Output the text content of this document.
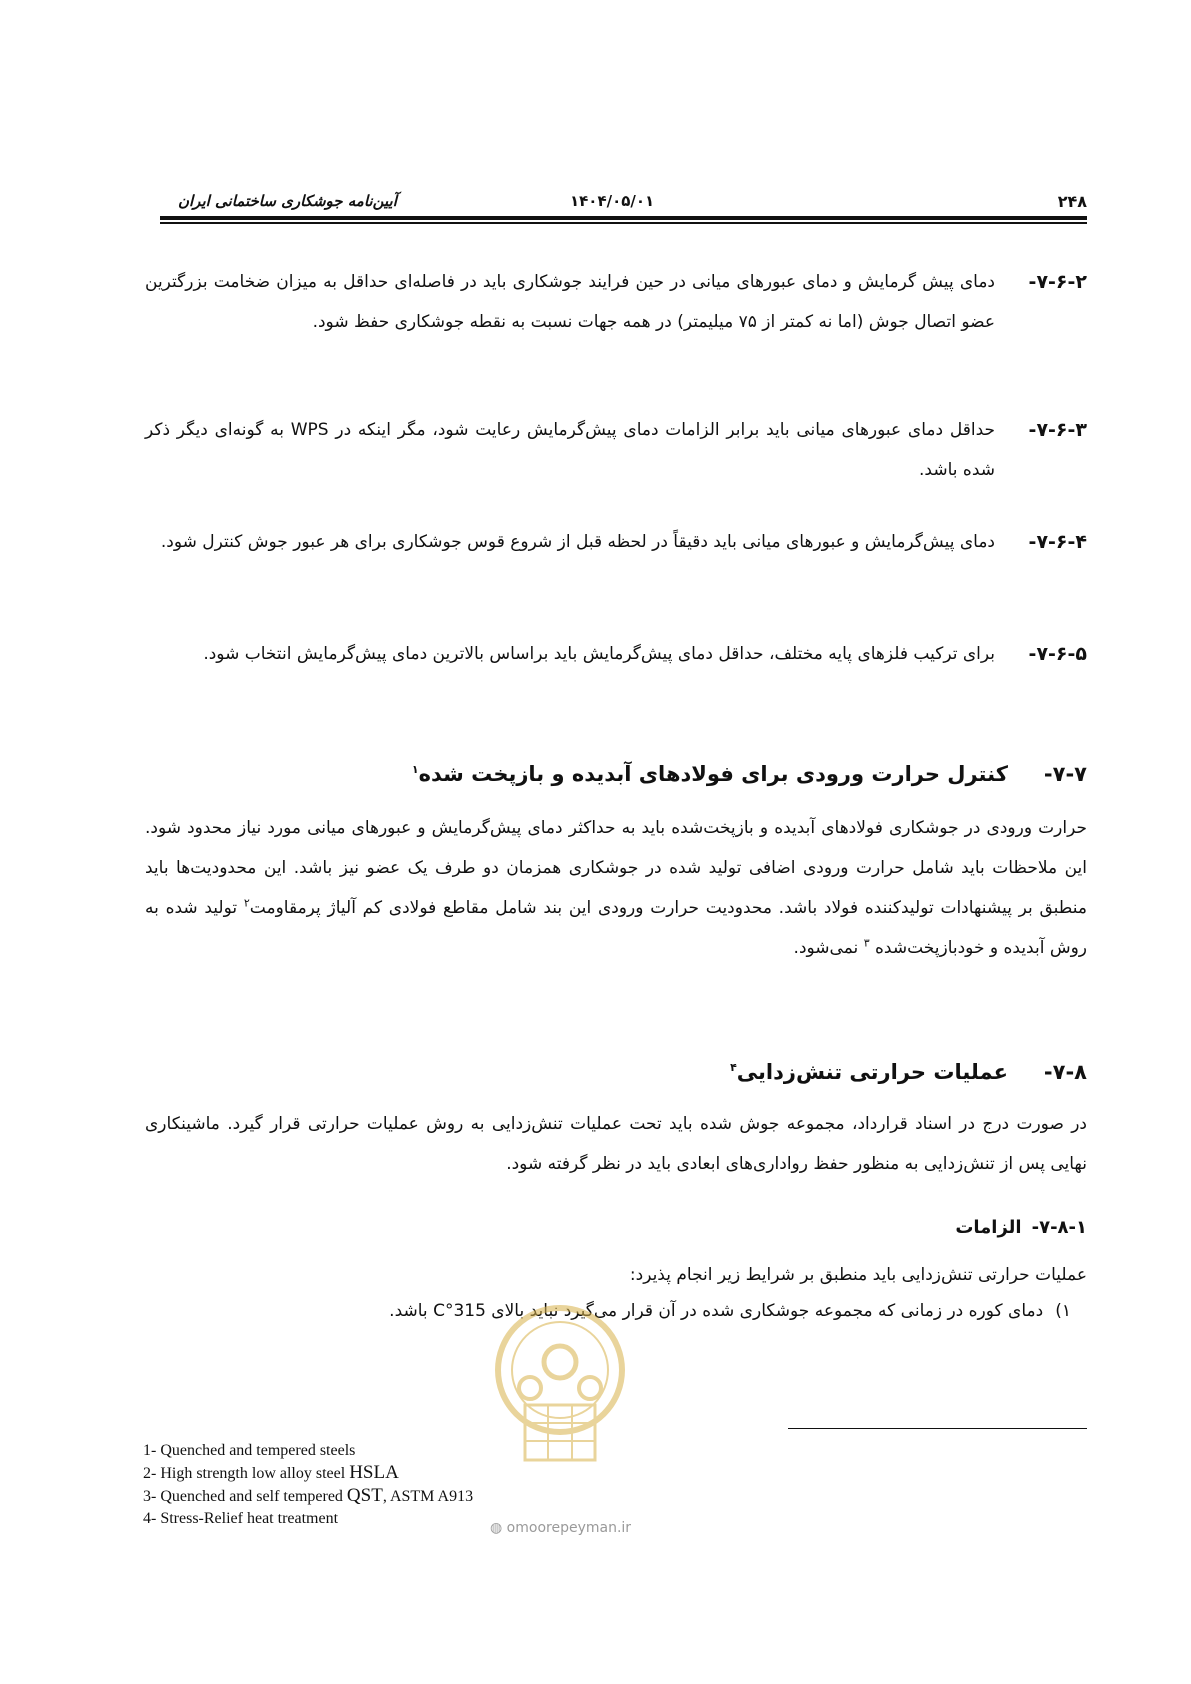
۲۴۸
۱۴۰۴/۰۵/۰۱
آیین‌نامه جوشکاری ساختمانی ایران
۷-۶-۲-
دمای پیش گرمایش و دمای عبورهای میانی در حین فرایند جوشکاری باید در فاصله‌ای حداقل به میزان ضخامت بزرگترین عضو اتصال جوش (اما نه کمتر از ۷۵ میلیمتر) در همه جهات نسبت به نقطه جوشکاری حفظ شود.
۷-۶-۳-
حداقل دمای عبورهای میانی باید برابر الزامات دمای پیش‌گرمایش رعایت شود، مگر اینکه در WPS به گونه‌ای دیگر ذکر شده باشد.
۷-۶-۴-
دمای پیش‌گرمایش و عبورهای میانی باید دقیقاً در لحظه قبل از شروع قوس جوشکاری برای هر عبور جوش کنترل شود.
۷-۶-۵-
برای ترکیب فلزهای پایه مختلف، حداقل دمای پیش‌گرمایش باید براساس بالاترین دمای پیش‌گرمایش انتخاب شود.
۷-۷-کنترل حرارت ورودی برای فولادهای آبدیده و بازپخت شده$^۱$
حرارت ورودی در جوشکاری فولادهای آبدیده و بازپخت‌شده باید به حداکثر دمای پیش‌گرمایش و عبورهای میانی مورد نیاز محدود شود. این ملاحظات باید شامل حرارت ورودی اضافی تولید شده در جوشکاری همزمان دو طرف یک عضو نیز باشد. این محدودیت‌ها باید منطبق بر پیشنهادات تولیدکننده فولاد باشد. محدودیت حرارت ورودی این بند شامل مقاطع فولادی کم آلیاژ پرمقاومت$^۲$ تولید شده به روش آبدیده و خودبازپخت‌شده $^۳$ نمی‌شود.
۷-۸-عملیات حرارتی تنش‌زدایی$^۴$
در صورت درج در اسناد قرارداد، مجموعه جوش شده باید تحت عملیات تنش‌زدایی به روش عملیات حرارتی قرار گیرد. ماشینکاری نهایی پس از تنش‌زدایی به منظور حفظ رواداری‌های ابعادی باید در نظر گرفته شود.
۷-۸-۱-الزامات
عملیات حرارتی تنش‌زدایی باید منطبق بر شرایط زیر انجام پذیرد:
۱)دمای کوره در زمانی که مجموعه جوشکاری شده در آن قرار می‌گیرد نباید بالای 315°C باشد.
1- Quenched and tempered steels
2- High strength low alloy steel HSLA
3- Quenched and self tempered QST, ASTM A913
4- Stress-Relief heat treatment
◍ omoorepeyman.ir
